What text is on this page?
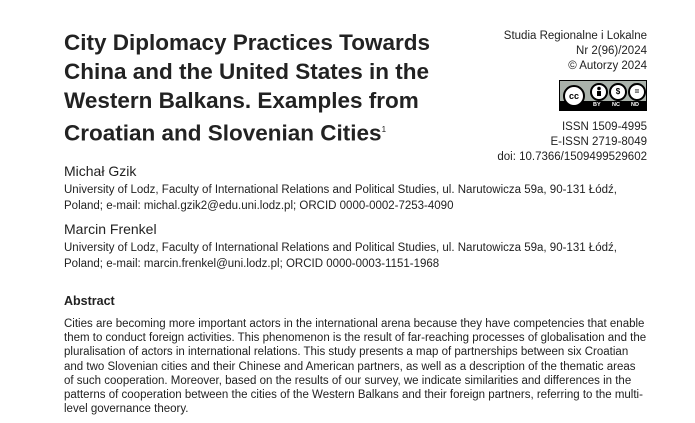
City Diplomacy Practices Towards China and the United States in the Western Balkans. Examples from Croatian and Slovenian Cities$^1$
Studia Regionalne i Lokalne
Nr 2(96)/2024
© Autorzy 2024
cc	$	=
BY NC ND
ISSN 1509-4995
E-ISSN 2719-8049
doi: 10.7366/1509499529602
Michał Gzik
University of Lodz, Faculty of International Relations and Political Studies, ul. Narutowicza 59a, 90-131 Łódź, Poland; e-mail: michal.gzik2@edu.uni.lodz.pl; ORCID 0000-0002-7253-4090
Marcin Frenkel
University of Lodz, Faculty of International Relations and Political Studies, ul. Narutowicza 59a, 90-131 Łódź, Poland; e-mail: marcin.frenkel@uni.lodz.pl; ORCID 0000-0003-1151-1968
Abstract
Cities are becoming more important actors in the international arena because they have competencies that enable them to conduct foreign activities. This phenomenon is the result of far-reaching processes of globalisation and the pluralisation of actors in international relations. This study presents a map of partnerships between six Croatian and two Slovenian cities and their Chinese and American partners, as well as a description of the thematic areas of such cooperation. Moreover, based on the results of our survey, we indicate similarities and differences in the patterns of cooperation between the cities of the Western Balkans and their foreign partners, referring to the multi-level governance theory.
